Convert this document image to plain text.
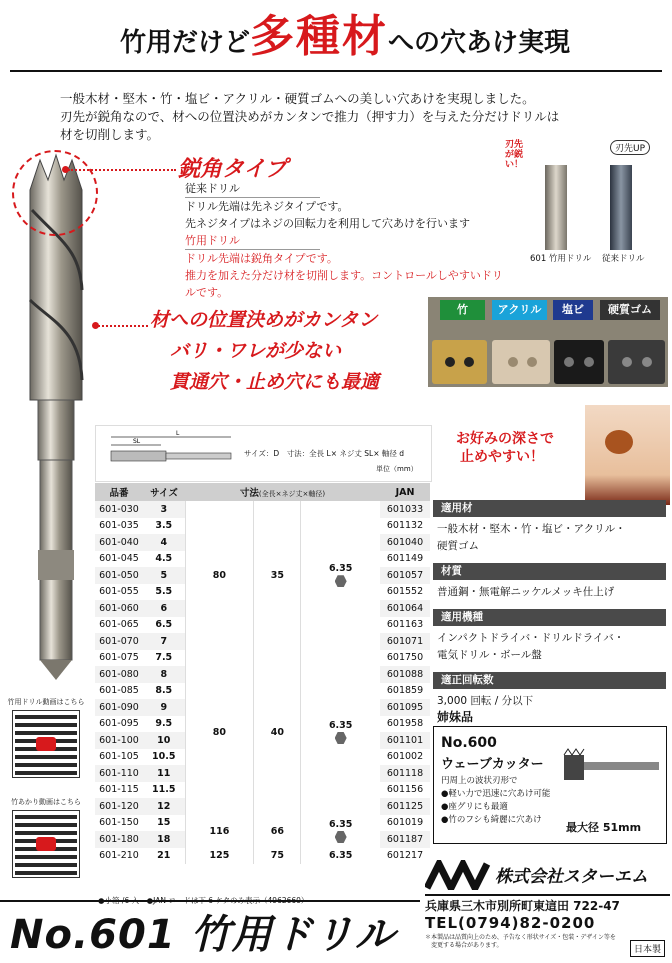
竹用だけど多種材への穴あけ実現
一般木材・堅木・竹・塩ビ・アクリル・硬質ゴムへの美しい穴あけを実現しました。
刃先が鋭角なので、材への位置決めがカンタンで推力（押す力）を与えた分だけドリルは
材を切削します。
鋭角タイプ
従来ドリル
ドリル先端は先ネジタイプです。
先ネジタイプはネジの回転力を利用して穴あけを行います
竹用ドリル
ドリル先端は鋭角タイプです。
推力を加えた分だけ材を切削します。コントロールしやすいドリルです。
材への位置決めがカンタン
バリ・ワレが少ない
貫通穴・止め穴にも最適
刃先が鋭い！
刃先UP
601 竹用ドリル 従来ドリル
竹	アクリル	塩ビ	硬質ゴム
お好みの深さで
止めやすい！
SL
L
サイズ：D　寸法：全長 L× ネジ丈 SL× 軸径 d
単位（mm）
品番	サイズ	寸法(全長×ネジ丈×軸径)			JAN
601-030	3	80	35	6.35	601033
601-035	3.5				601132
601-040	4				601040
601-045	4.5				601149
601-050	5				601057
601-055	5.5				601552
601-060	6				601064
601-065	6.5				601163
601-070	7				601071
601-075	7.5	80	40	6.35	601750
601-080	8				601088
601-085	8.5				601859
601-090	9				601095
601-095	9.5				601958
601-100	10				601101
601-105	10.5				601002
601-110	11				601118
601-115	11.5				601156
601-120	12				601125
601-150	15	116	66	6.35	601019
601-180	18				601187
601-210	21	125	75	6.35	601217
●小箱 /6 入　●JAN コードは下 6 ケタのみ表示（4962660）
適用材
一般木材・堅木・竹・塩ビ・アクリル・
硬質ゴム
材質
普通鋼・無電解ニッケルメッキ仕上げ
適用機種
インパクトドライバ・ドリルドライバ・
電気ドリル・ボール盤
適正回転数
3,000 回転 / 分以下
姉妹品
No.600
ウェーブカッター
円周上の波状刃形で
●軽い力で迅速に穴あけ可能
●座グリにも最適
●竹のフシも綺麗に穴あけ
最大径 51mm
竹用ドリル動画はこちら
竹あかり動画はこちら
No.601 竹用ドリル
株式会社スターエム
兵庫県三木市別所町東這田 722-47
TEL(0794)82-0200
＊本製品は品質向上のため、予告なく形状サイズ・包装・デザイン等を
　変更する場合があります。	日本製
